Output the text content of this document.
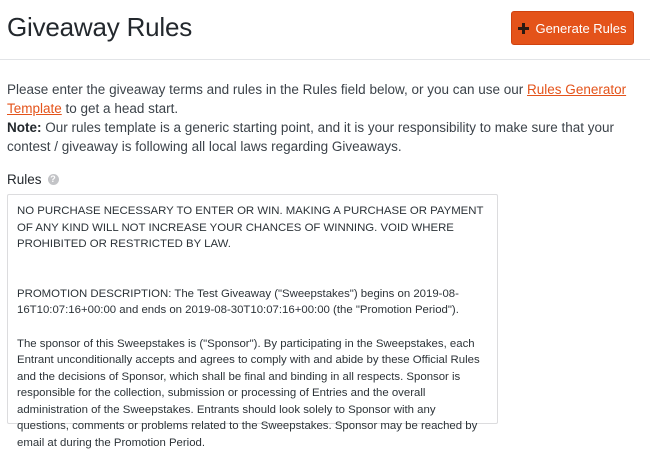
Giveaway Rules	Generate Rules

Please enter the giveaway terms and rules in the Rules field below, or you can use our Rules Generator Template to get a head start.

Note: Our rules template is a generic starting point, and it is your responsibility to make sure that your contest / giveaway is following all local laws regarding Giveaways.

Rules ?

NO PURCHASE NECESSARY TO ENTER OR WIN. MAKING A PURCHASE OR PAYMENT OF ANY KIND WILL NOT INCREASE YOUR CHANCES OF WINNING. VOID WHERE PROHIBITED OR RESTRICTED BY LAW.

PROMOTION DESCRIPTION: The Test Giveaway ("Sweepstakes") begins on 2019-08-16T10:07:16+00:00 and ends on 2019-08-30T10:07:16+00:00 (the "Promotion Period").

The sponsor of this Sweepstakes is ("Sponsor"). By participating in the Sweepstakes, each Entrant unconditionally accepts and agrees to comply with and abide by these Official Rules and the decisions of Sponsor, which shall be final and binding in all respects. Sponsor is responsible for the collection, submission or processing of Entries and the overall administration of the Sweepstakes. Entrants should look solely to Sponsor with any questions, comments or problems related to the Sweepstakes. Sponsor may be reached by email at during the Promotion Period.
